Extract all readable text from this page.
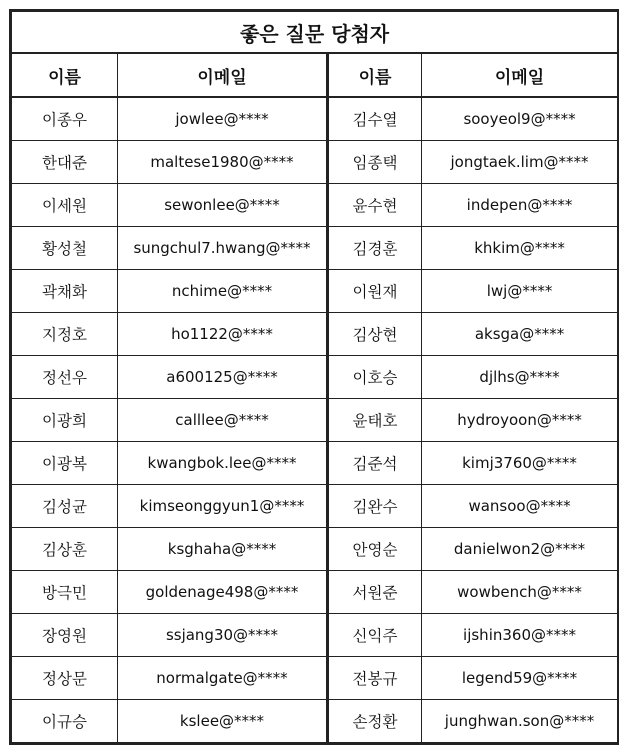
좋은 질문 당첨자			
이름	이메일	이름	이메일
이종우	jowlee@****	김수열	sooyeol9@****
한대준	maltese1980@****	임종택	jongtaek.lim@****
이세원	sewonlee@****	윤수현	indepen@****
황성철	sungchul7.hwang@****	김경훈	khkim@****
곽채화	nchime@****	이원재	lwj@****
지정호	ho1122@****	김상현	aksga@****
정선우	a600125@****	이호승	djlhs@****
이광희	calllee@****	윤태호	hydroyoon@****
이광복	kwangbok.lee@****	김준석	kimj3760@****
김성균	kimseonggyun1@****	김완수	wansoo@****
김상훈	ksghaha@****	안영순	danielwon2@****
방극민	goldenage498@****	서원준	wowbench@****
장영원	ssjang30@****	신익주	ijshin360@****
정상문	normalgate@****	전봉규	legend59@****
이규승	kslee@****	손정환	junghwan.son@****
